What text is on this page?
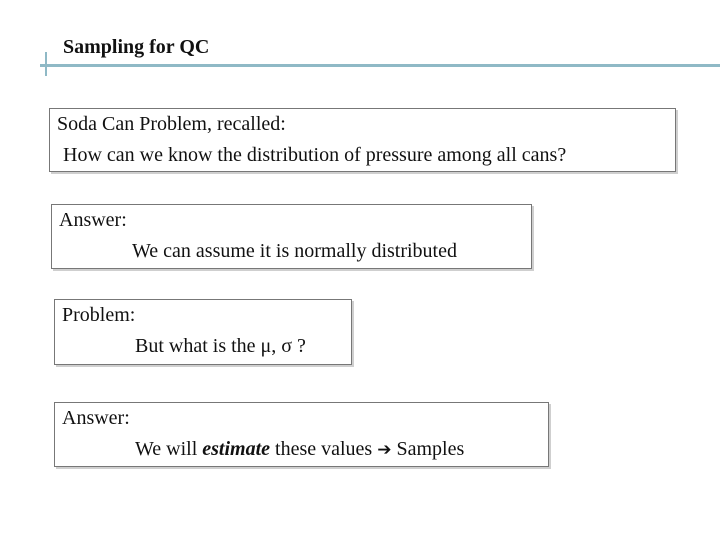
Sampling for QC
Soda Can Problem, recalled:
How can we know the distribution of pressure among all cans?
Answer:
We can assume it is normally distributed
Problem:
But what is the μ, σ ?
Answer:
We will estimate these values ➔ Samples
